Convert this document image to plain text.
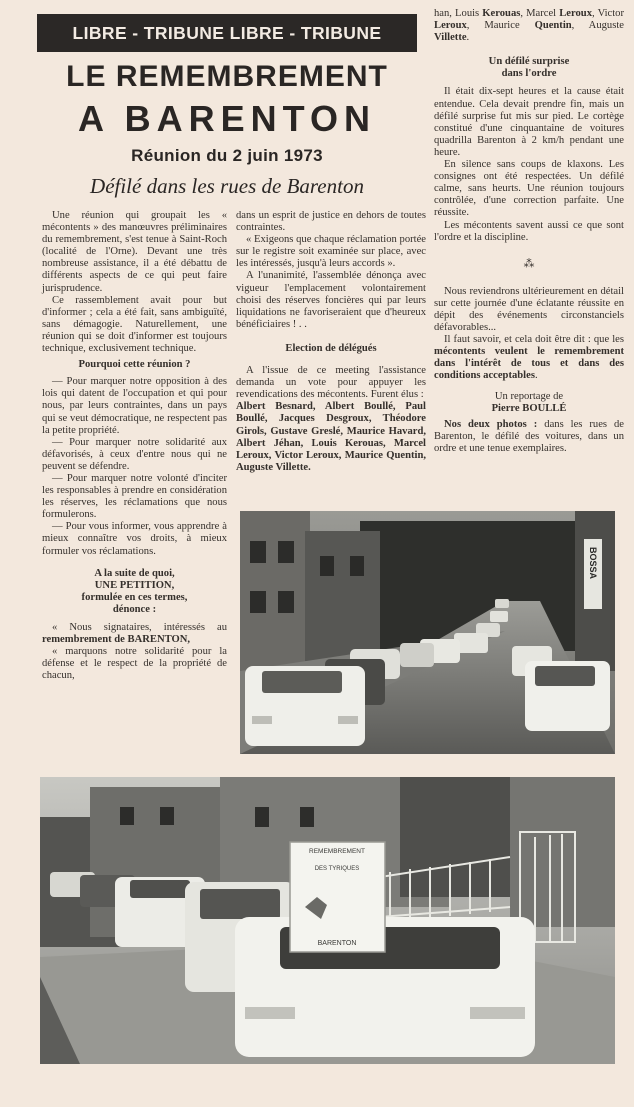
LIBRE - TRIBUNE LIBRE - TRIBUNE
LE REMEMBREMENT
A BARENTON
Réunion du 2 juin 1973
Défilé dans les rues de Barenton

Une réunion qui groupait les « mécontents » des manœuvres préliminaires du remembrement, s'est tenue à Saint-Roch (localité de l'Orne). Devant une très nombreuse assistance, il a été débattu de différents aspects de ce qui peut faire jurisprudence.

Ce rassemblement avait pour but d'informer ; cela a été fait, sans ambiguïté, sans démagogie. Naturellement, une réunion qui se doit d'informer est toujours technique, exclusivement technique.

Pourquoi cette réunion ?

— Pour marquer notre opposition à des lois qui datent de l'occupation et qui pour nous, par leurs contraintes, dans un pays qui se veut démocratique, ne respectent pas la petite propriété.

— Pour marquer notre solidarité aux défavorisés, à ceux d'entre nous qui ne peuvent se défendre.

— Pour marquer notre volonté d'inciter les responsables à prendre en considération les réserves, les réclamations que nous formulerons.

— Pour vous informer, vous apprendre à mieux connaître vos droits, à mieux formuler vos réclamations.

A la suite de quoi,
UNE PETITION,
formulée en ces termes,
dénonce :

« Nous signataires, intéressés au remembrement de BARENTON,

« marquons notre solidarité pour la défense et le respect de la propriété de chacun,

dans un esprit de justice en dehors de toutes contraintes.

« Exigeons que chaque réclamation portée sur le registre soit examinée sur place, avec les intéressés, jusqu'à leurs accords ».

A l'unanimité, l'assemblée dénonça avec vigueur l'emplacement volontairement choisi des réserves foncières qui par leurs liquidations ne favoriseraient que d'heureux bénéficiaires ! . .

Election de délégués

A l'issue de ce meeting l'assistance demanda un vote pour appuyer les revendications des mécontents. Furent élus :

Albert Besnard, Albert Boullé, Paul Boullé, Jacques Desgroux, Théodore Girols, Gustave Greslé, Maurice Havard, Albert Jéhan, Louis Kerouas, Marcel Leroux, Victor Leroux, Maurice Quentin, Auguste Villette.

han, Louis Kerouas, Marcel Leroux, Victor Leroux, Maurice Quentin, Auguste Villette.

Un défilé surprise
dans l'ordre

Il était dix-sept heures et la cause était entendue. Cela devait prendre fin, mais un défilé surprise fut mis sur pied. Le cortège constitué d'une cinquantaine de voitures quadrilla Barenton à 2 km/h pendant une heure.

En silence sans coups de klaxons. Les consignes ont été respectées. Un défilé calme, sans heurts. Une réunion toujours contrôlée, d'une correction parfaite. Une réussite.

Les mécontents savent aussi ce que sont l'ordre et la discipline.

⁂

Nous reviendrons ultérieurement en détail sur cette journée d'une éclatante réussite en dépit des événements circonstanciels défavorables...

Il faut savoir, et cela doit être dit : que les mécontents veulent le remembrement dans l'intérêt de tous et dans des conditions acceptables.

Un reportage de
Pierre BOULLÉ

Nos deux photos : dans les rues de Barenton, le défilé des voitures, dans un ordre et une tenue exemplaires.

BOSSA
REMEMBREMENT
DES TYRIQUES
BARENTON
